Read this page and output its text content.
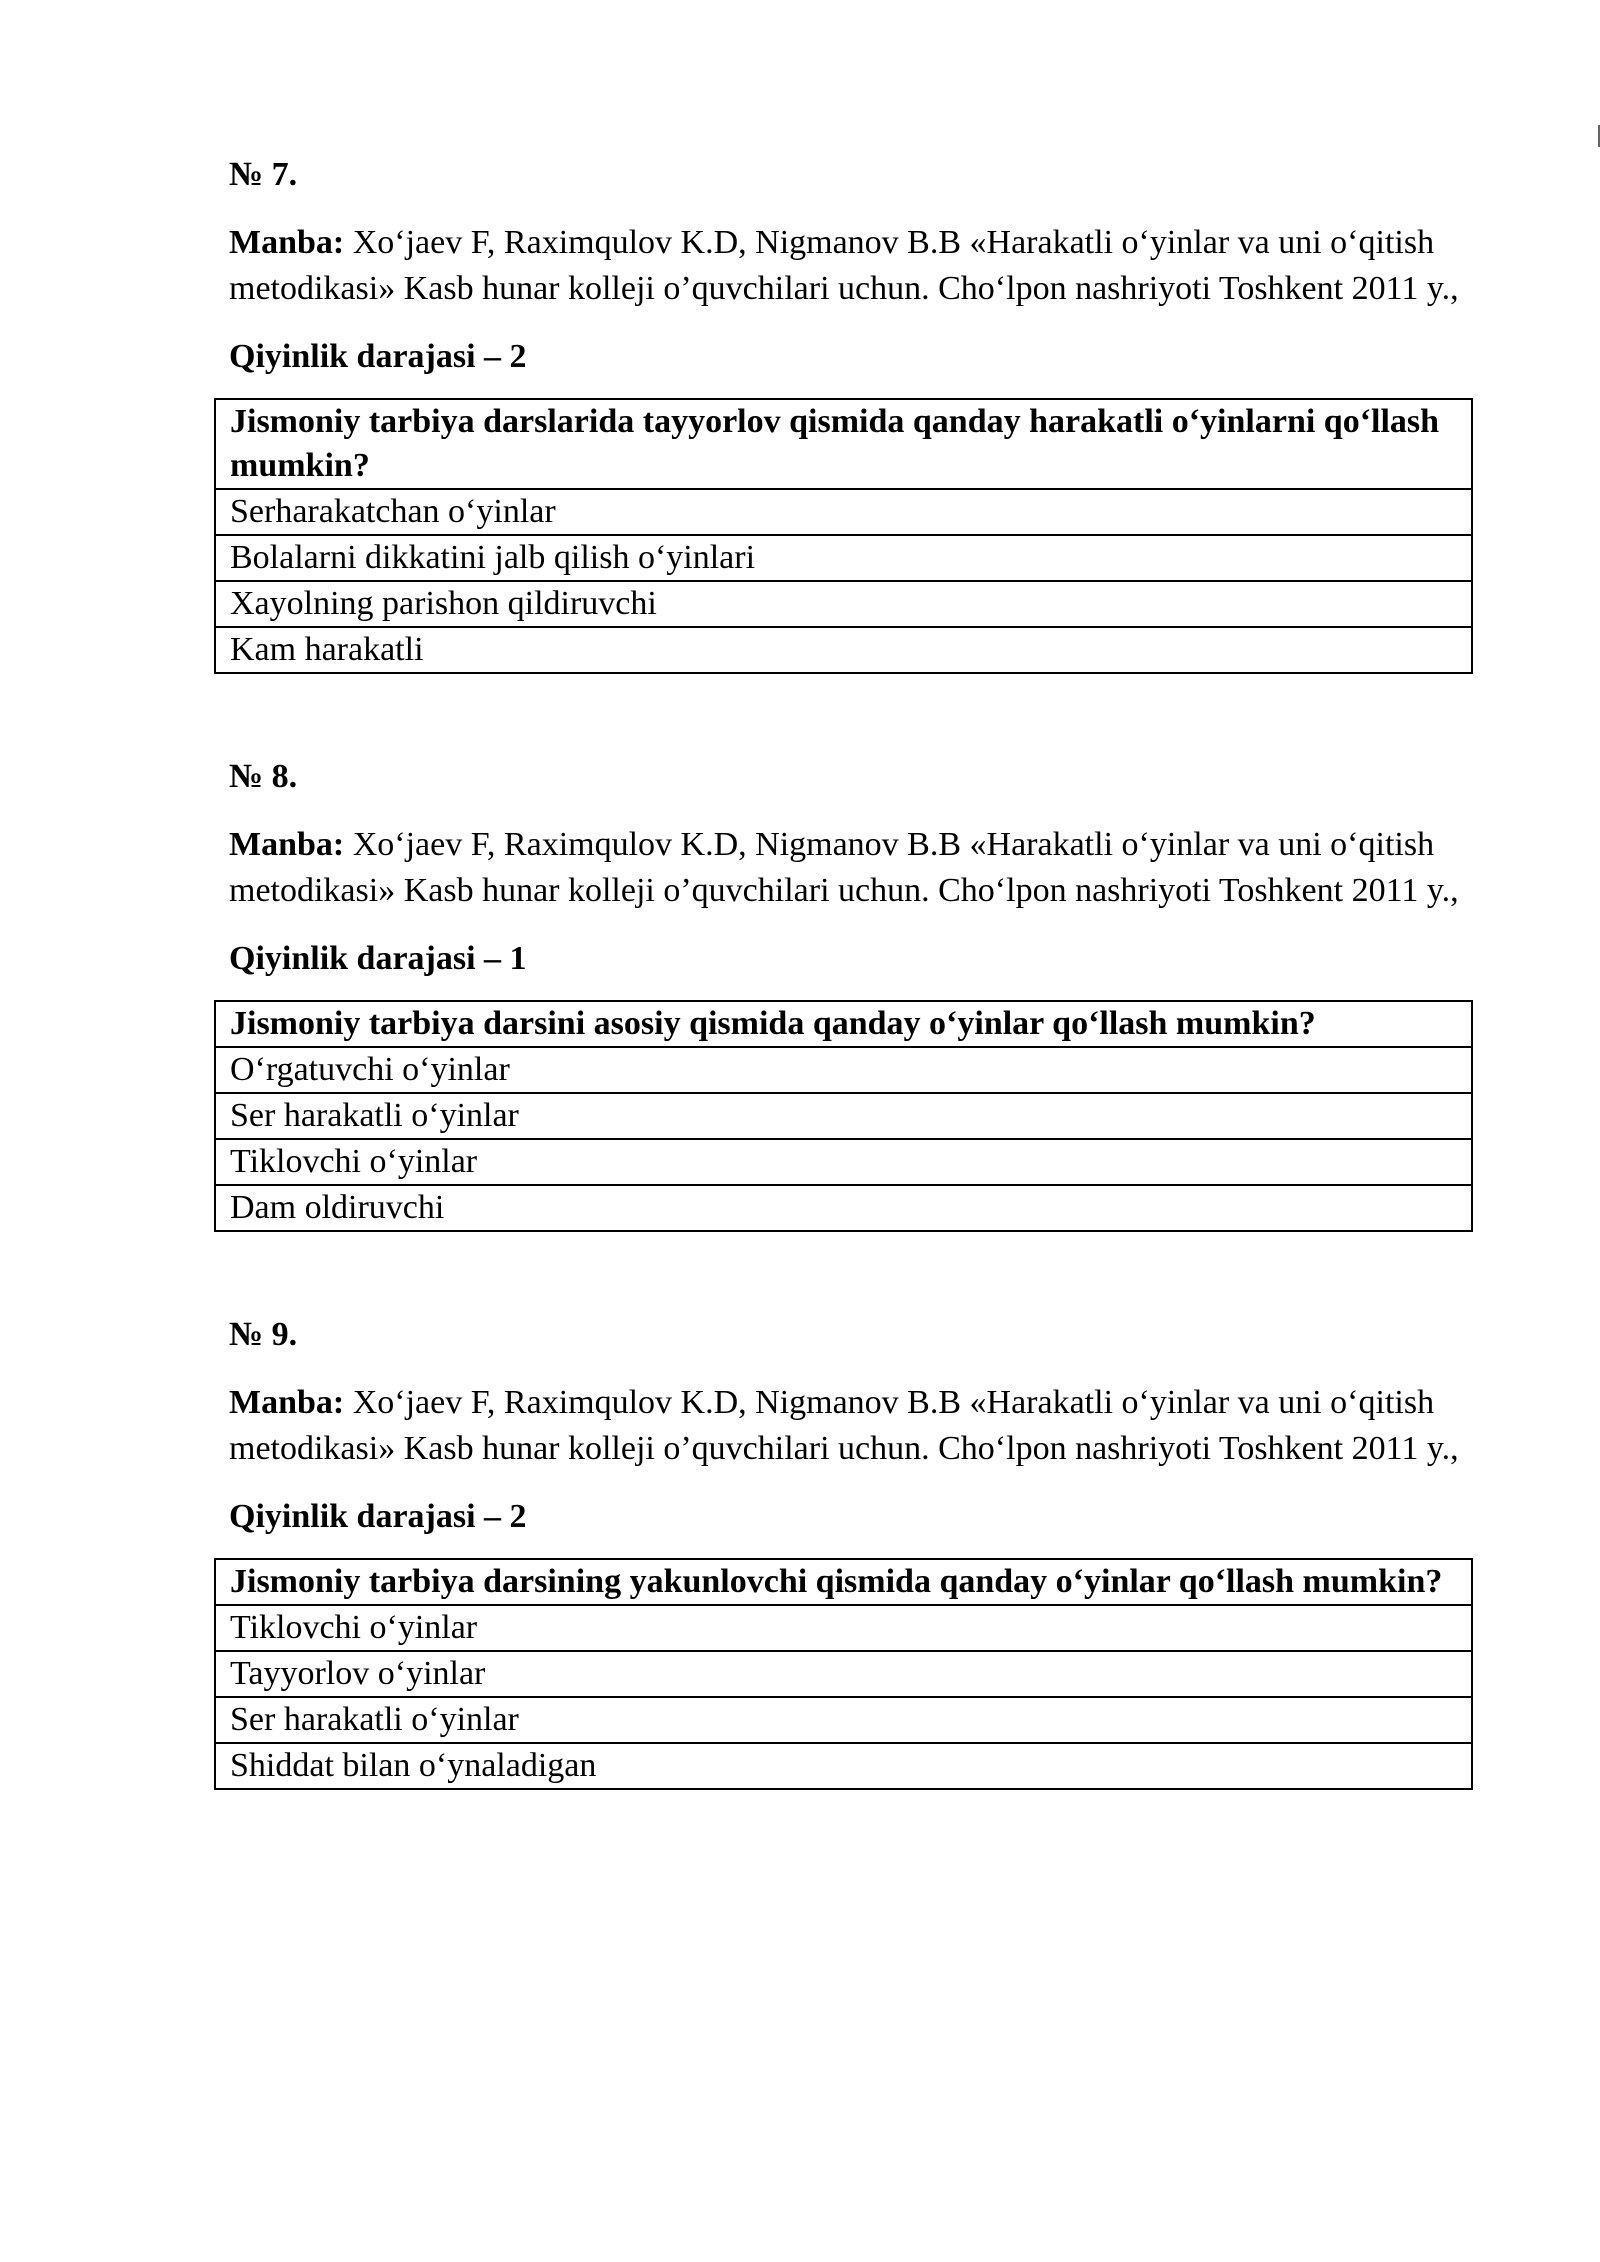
№ 7.

Manba: Xo‘jaev F, Raximqulov K.D, Nigmanov B.B «Harakatli o‘yinlar va uni o‘qitish metodikasi» Kasb hunar kolleji o’quvchilari uchun. Cho‘lpon nashriyoti Toshkent 2011 y.,

Qiyinlik darajasi – 2

Jismoniy tarbiya darslarida tayyorlov qismida qanday harakatli o‘yinlarni qo‘llash mumkin?
Serharakatchan o‘yinlar
Bolalarni dikkatini jalb qilish o‘yinlari
Xayolning parishon qildiruvchi
Kam harakatli

№ 8.

Manba: Xo‘jaev F, Raximqulov K.D, Nigmanov B.B «Harakatli o‘yinlar va uni o‘qitish metodikasi» Kasb hunar kolleji o’quvchilari uchun. Cho‘lpon nashriyoti Toshkent 2011 y.,

Qiyinlik darajasi – 1

Jismoniy tarbiya darsini asosiy qismida qanday o‘yinlar qo‘llash mumkin?
O‘rgatuvchi o‘yinlar
Ser harakatli o‘yinlar
Tiklovchi o‘yinlar
Dam oldiruvchi

№ 9.

Manba: Xo‘jaev F, Raximqulov K.D, Nigmanov B.B «Harakatli o‘yinlar va uni o‘qitish metodikasi» Kasb hunar kolleji o’quvchilari uchun. Cho‘lpon nashriyoti Toshkent 2011 y.,

Qiyinlik darajasi – 2

Jismoniy tarbiya darsining yakunlovchi qismida qanday o‘yinlar qo‘llash mumkin?
Tiklovchi o‘yinlar
Tayyorlov o‘yinlar
Ser harakatli o‘yinlar
Shiddat bilan o‘ynaladigan
